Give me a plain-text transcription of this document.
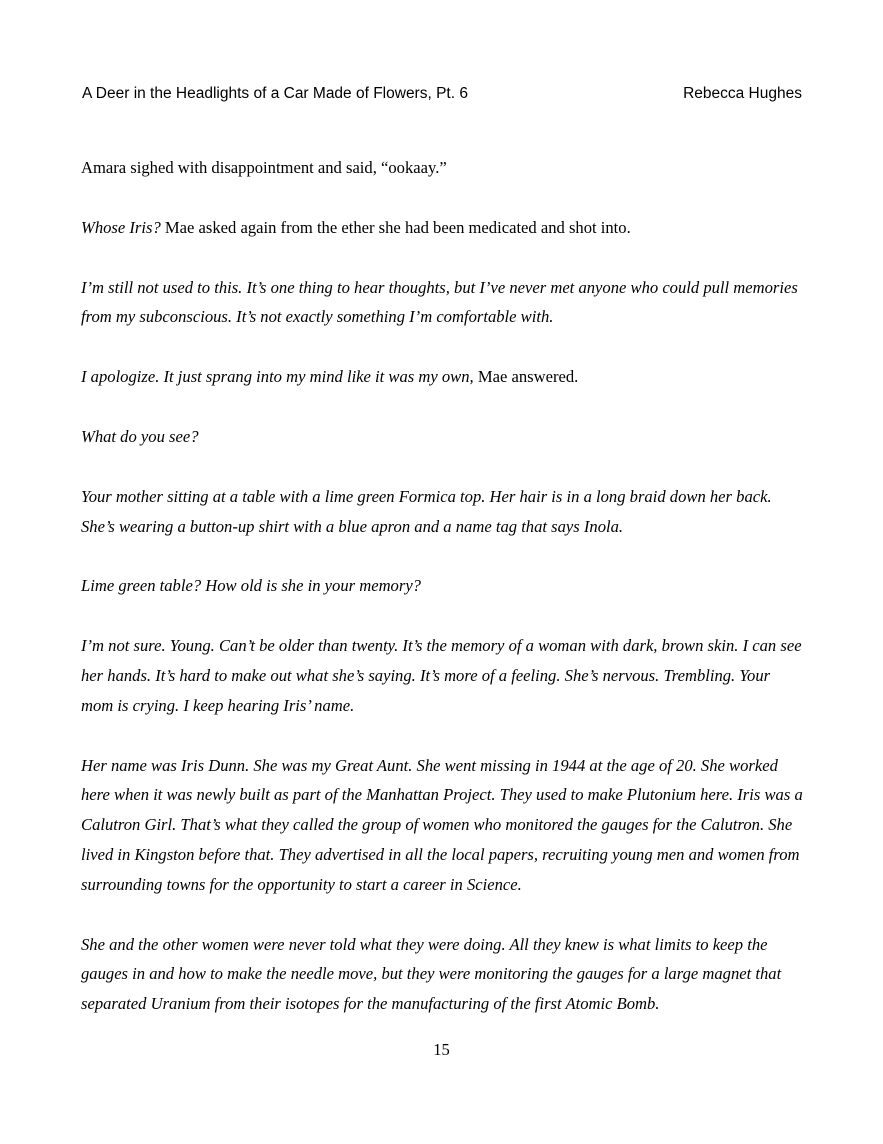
A Deer in the Headlights of a Car Made of Flowers, Pt. 6	Rebecca Hughes

Amara sighed with disappointment and said, “ookaay.”

Whose Iris? Mae asked again from the ether she had been medicated and shot into.

I’m still not used to this. It’s one thing to hear thoughts, but I’ve never met anyone who could pull memories from my subconscious. It’s not exactly something I’m comfortable with.

I apologize. It just sprang into my mind like it was my own, Mae answered.

What do you see?

Your mother sitting at a table with a lime green Formica top. Her hair is in a long braid down her back. She’s wearing a button-up shirt with a blue apron and a name tag that says Inola.

Lime green table? How old is she in your memory?

I’m not sure. Young. Can’t be older than twenty. It’s the memory of a woman with dark, brown skin. I can see her hands. It’s hard to make out what she’s saying. It’s more of a feeling. She’s nervous. Trembling. Your mom is crying. I keep hearing Iris’ name.

Her name was Iris Dunn. She was my Great Aunt. She went missing in 1944 at the age of 20. She worked here when it was newly built as part of the Manhattan Project. They used to make Plutonium here. Iris was a Calutron Girl. That’s what they called the group of women who monitored the gauges for the Calutron. She lived in Kingston before that. They advertised in all the local papers, recruiting young men and women from surrounding towns for the opportunity to start a career in Science.

She and the other women were never told what they were doing. All they knew is what limits to keep the gauges in and how to make the needle move, but they were monitoring the gauges for a large magnet that separated Uranium from their isotopes for the manufacturing of the first Atomic Bomb.

15
